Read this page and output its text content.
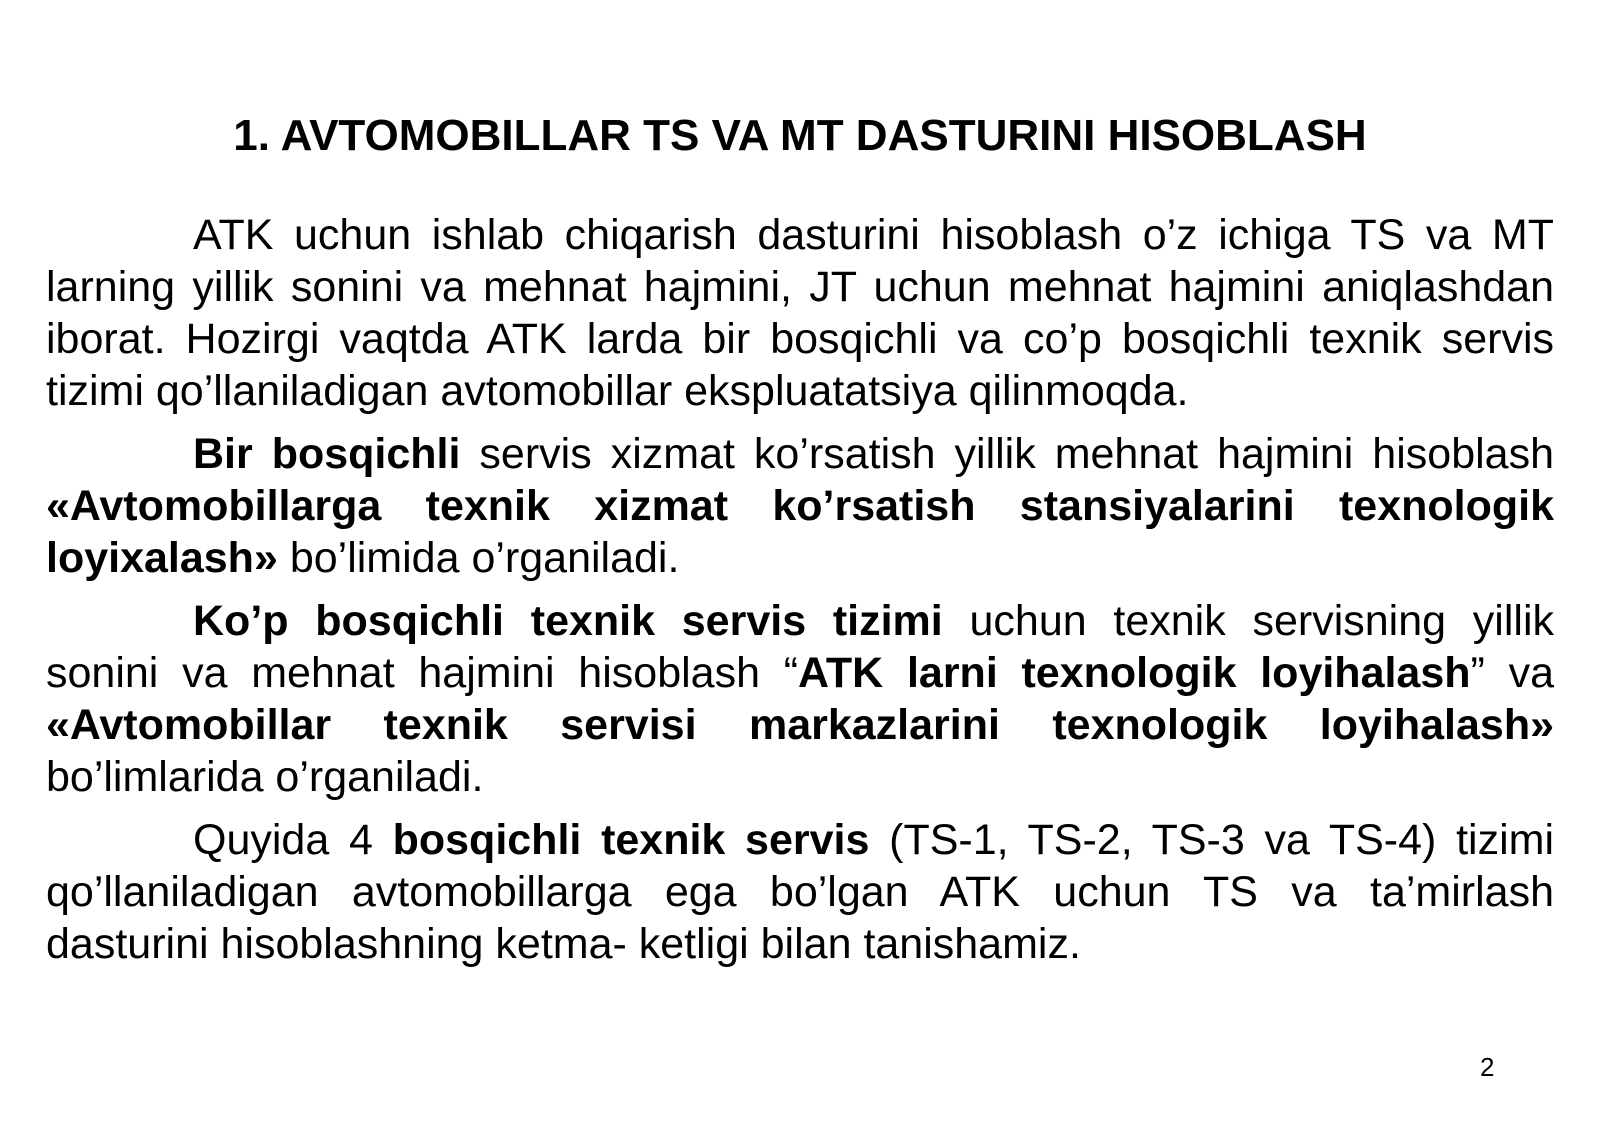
1. AVTOMOBILLAR TS VA MT DASTURINI HISOBLASH

ATK uchun ishlab chiqarish dasturini hisoblash o’z ichiga TS va MT larning yillik sonini va mehnat hajmini, JT uchun mehnat hajmini aniqlashdan iborat. Hozirgi vaqtda ATK larda bir bosqichli va co’p bosqichli texnik servis tizimi qo’llaniladigan avtomobillar ekspluatatsiya qilinmoqda.

Bir bosqichli servis xizmat ko’rsatish yillik mehnat hajmini hisoblash «Avtomobillarga texnik xizmat ko’rsatish stansiyalarini texnologik loyixalash» bo’limida o’rganiladi.

Ko’p bosqichli texnik servis tizimi uchun texnik servisning yillik sonini va mehnat hajmini hisoblash “ATK larni texnologik loyihalash” va «Avtomobillar texnik servisi markazlarini texnologik loyihalash» bo’limlarida o’rganiladi.

Quyida 4 bosqichli texnik servis (TS-1, TS-2, TS-3 va TS-4) tizimi qo’llaniladigan avtomobillarga ega bo’lgan ATK uchun TS va ta’mirlash dasturini hisoblashning ketma- ketligi bilan tanishamiz.

2
